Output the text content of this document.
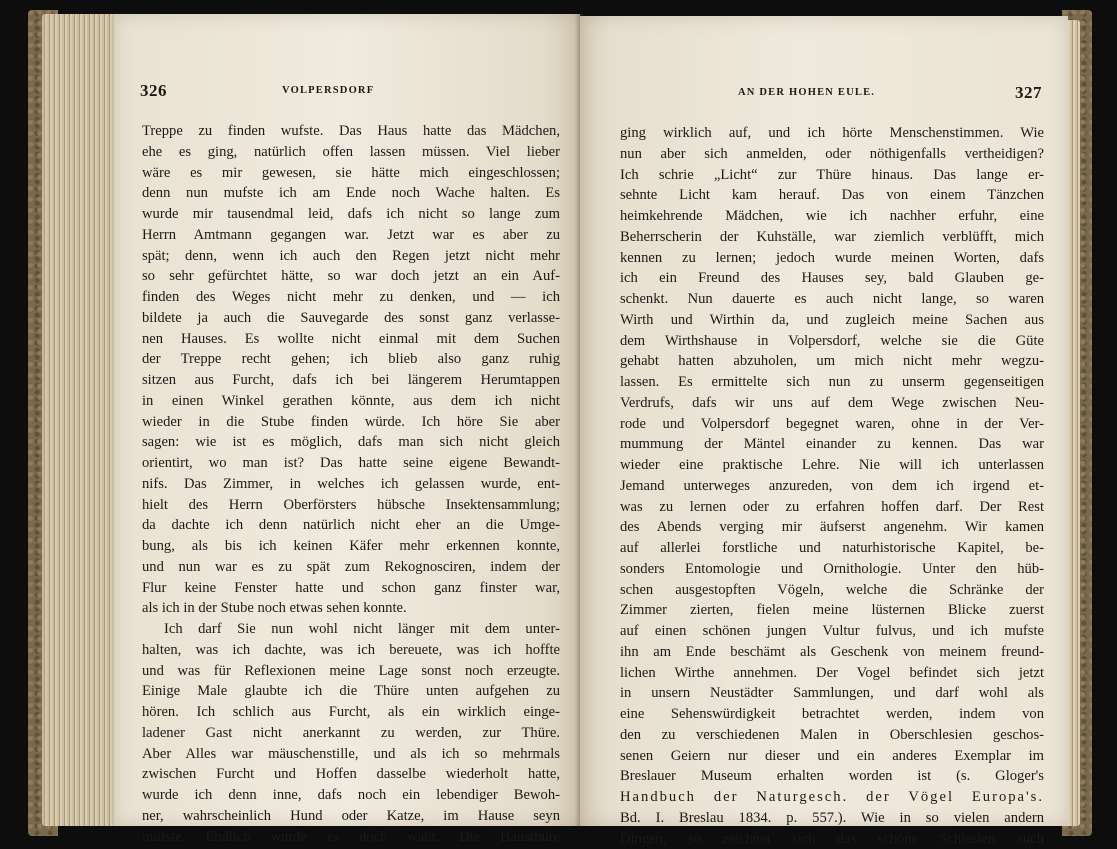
326	VOLPERSDORF
Treppe zu finden wufste. Das Haus hatte das Mädchen,
ehe es ging, natürlich offen lassen müssen. Viel lieber
wäre es mir gewesen, sie hätte mich eingeschlossen;
denn nun mufste ich am Ende noch Wache halten. Es
wurde mir tausendmal leid, dafs ich nicht so lange zum
Herrn Amtmann gegangen war. Jetzt war es aber zu
spät; denn, wenn ich auch den Regen jetzt nicht mehr
so sehr gefürchtet hätte, so war doch jetzt an ein Auf-
finden des Weges nicht mehr zu denken, und — ich
bildete ja auch die Sauvegarde des sonst ganz verlasse-
nen Hauses. Es wollte nicht einmal mit dem Suchen
der Treppe recht gehen; ich blieb also ganz ruhig
sitzen aus Furcht, dafs ich bei längerem Herumtappen
in einen Winkel gerathen könnte, aus dem ich nicht
wieder in die Stube finden würde. Ich höre Sie aber
sagen: wie ist es möglich, dafs man sich nicht gleich
orientirt, wo man ist? Das hatte seine eigene Bewandt-
nifs. Das Zimmer, in welches ich gelassen wurde, ent-
hielt des Herrn Oberförsters hübsche Insektensammlung;
da dachte ich denn natürlich nicht eher an die Umge-
bung, als bis ich keinen Käfer mehr erkennen konnte,
und nun war es zu spät zum Rekognosciren, indem der
Flur keine Fenster hatte und schon ganz finster war,
als ich in der Stube noch etwas sehen konnte.
Ich darf Sie nun wohl nicht länger mit dem unter-
halten, was ich dachte, was ich bereuete, was ich hoffte
und was für Reflexionen meine Lage sonst noch erzeugte.
Einige Male glaubte ich die Thüre unten aufgehen zu
hören. Ich schlich aus Furcht, als ein wirklich einge-
ladener Gast nicht anerkannt zu werden, zur Thüre.
Aber Alles war mäuschenstille, und als ich so mehrmals
zwischen Furcht und Hoffen dasselbe wiederholt hatte,
wurde ich denn inne, dafs noch ein lebendiger Bewoh-
ner, wahrscheinlich Hund oder Katze, im Hause seyn
müfste. Endlich wurde es doch wahr. Die Hausthüre
AN DER HOHEN EULE.	327
ging wirklich auf, und ich hörte Menschenstimmen. Wie
nun aber sich anmelden, oder nöthigenfalls vertheidigen?
Ich schrie „Licht“ zur Thüre hinaus. Das lange er-
sehnte Licht kam herauf. Das von einem Tänzchen
heimkehrende Mädchen, wie ich nachher erfuhr, eine
Beherrscherin der Kuhställe, war ziemlich verblüfft, mich
kennen zu lernen; jedoch wurde meinen Worten, dafs
ich ein Freund des Hauses sey, bald Glauben ge-
schenkt. Nun dauerte es auch nicht lange, so waren
Wirth und Wirthin da, und zugleich meine Sachen aus
dem Wirthshause in Volpersdorf, welche sie die Güte
gehabt hatten abzuholen, um mich nicht mehr wegzu-
lassen. Es ermittelte sich nun zu unserm gegenseitigen
Verdrufs, dafs wir uns auf dem Wege zwischen Neu-
rode und Volpersdorf begegnet waren, ohne in der Ver-
mummung der Mäntel einander zu kennen. Das war
wieder eine praktische Lehre. Nie will ich unterlassen
Jemand unterweges anzureden, von dem ich irgend et-
was zu lernen oder zu erfahren hoffen darf. Der Rest
des Abends verging mir äufserst angenehm. Wir kamen
auf allerlei forstliche und naturhistorische Kapitel, be-
sonders Entomologie und Ornithologie. Unter den hüb-
schen ausgestopften Vögeln, welche die Schränke der
Zimmer zierten, fielen meine lüsternen Blicke zuerst
auf einen schönen jungen Vultur fulvus, und ich mufste
ihn am Ende beschämt als Geschenk von meinem freund-
lichen Wirthe annehmen. Der Vogel befindet sich jetzt
in unsern Neustädter Sammlungen, und darf wohl als
eine Sehenswürdigkeit betrachtet werden, indem von
den zu verschiedenen Malen in Oberschlesien geschos-
senen Geiern nur dieser und ein anderes Exemplar im
Breslauer Museum erhalten worden ist (s. Gloger's
Handbuch der Naturgesch. der Vögel Europa's.
Bd. I. Breslau 1834. p. 557.). Wie in so vielen andern
Dingen, so zeichnet sich das schöne Schlesien auch
